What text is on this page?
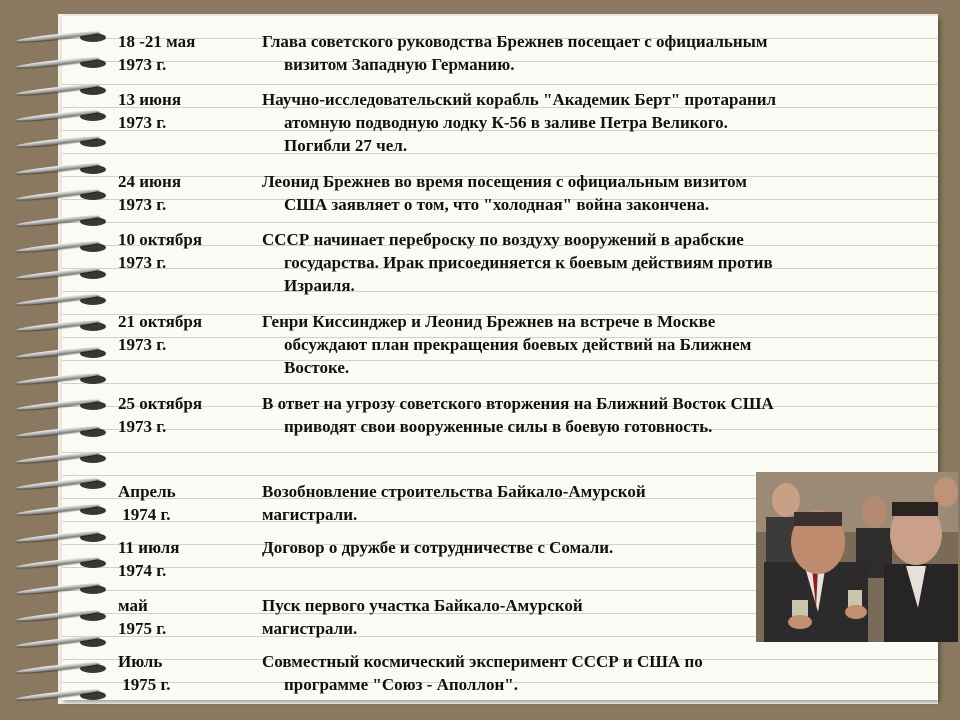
18 -21 мая
1973 г.
Глава советского руководства Брежнев посещает с официальным
визитом Западную Германию.
13 июня
1973 г.
Научно-исследовательский корабль "Академик Берт" протаранил
атомную подводную лодку К-56 в заливе Петра Великого.
Погибли 27 чел.
24 июня
1973 г.
Леонид Брежнев во время посещения с официальным визитом
США заявляет о том, что "холодная" война закончена.
10 октября
1973 г.
СССР начинает переброску по воздуху вооружений в арабские
государства. Ирак присоединяется к боевым действиям против
Израиля.
21 октября
1973 г.
Генри Киссинджер и Леонид Брежнев на встрече в Москве
обсуждают план прекращения боевых действий на Ближнем
Востоке.
25 октября
1973 г.
В ответ на угрозу советского вторжения на Ближний Восток США
приводят свои вооруженные силы в боевую готовность.
Апрель
1974 г.
Возобновление строительства Байкало-Амурской
магистрали.
11 июля
1974 г.
Договор о дружбе и сотрудничестве с Сомали.
май
1975 г.
Пуск первого участка Байкало-Амурской
магистрали.
Июль
1975 г.
Совместный космический эксперимент СССР и США по
программе "Союз - Аполлон".
